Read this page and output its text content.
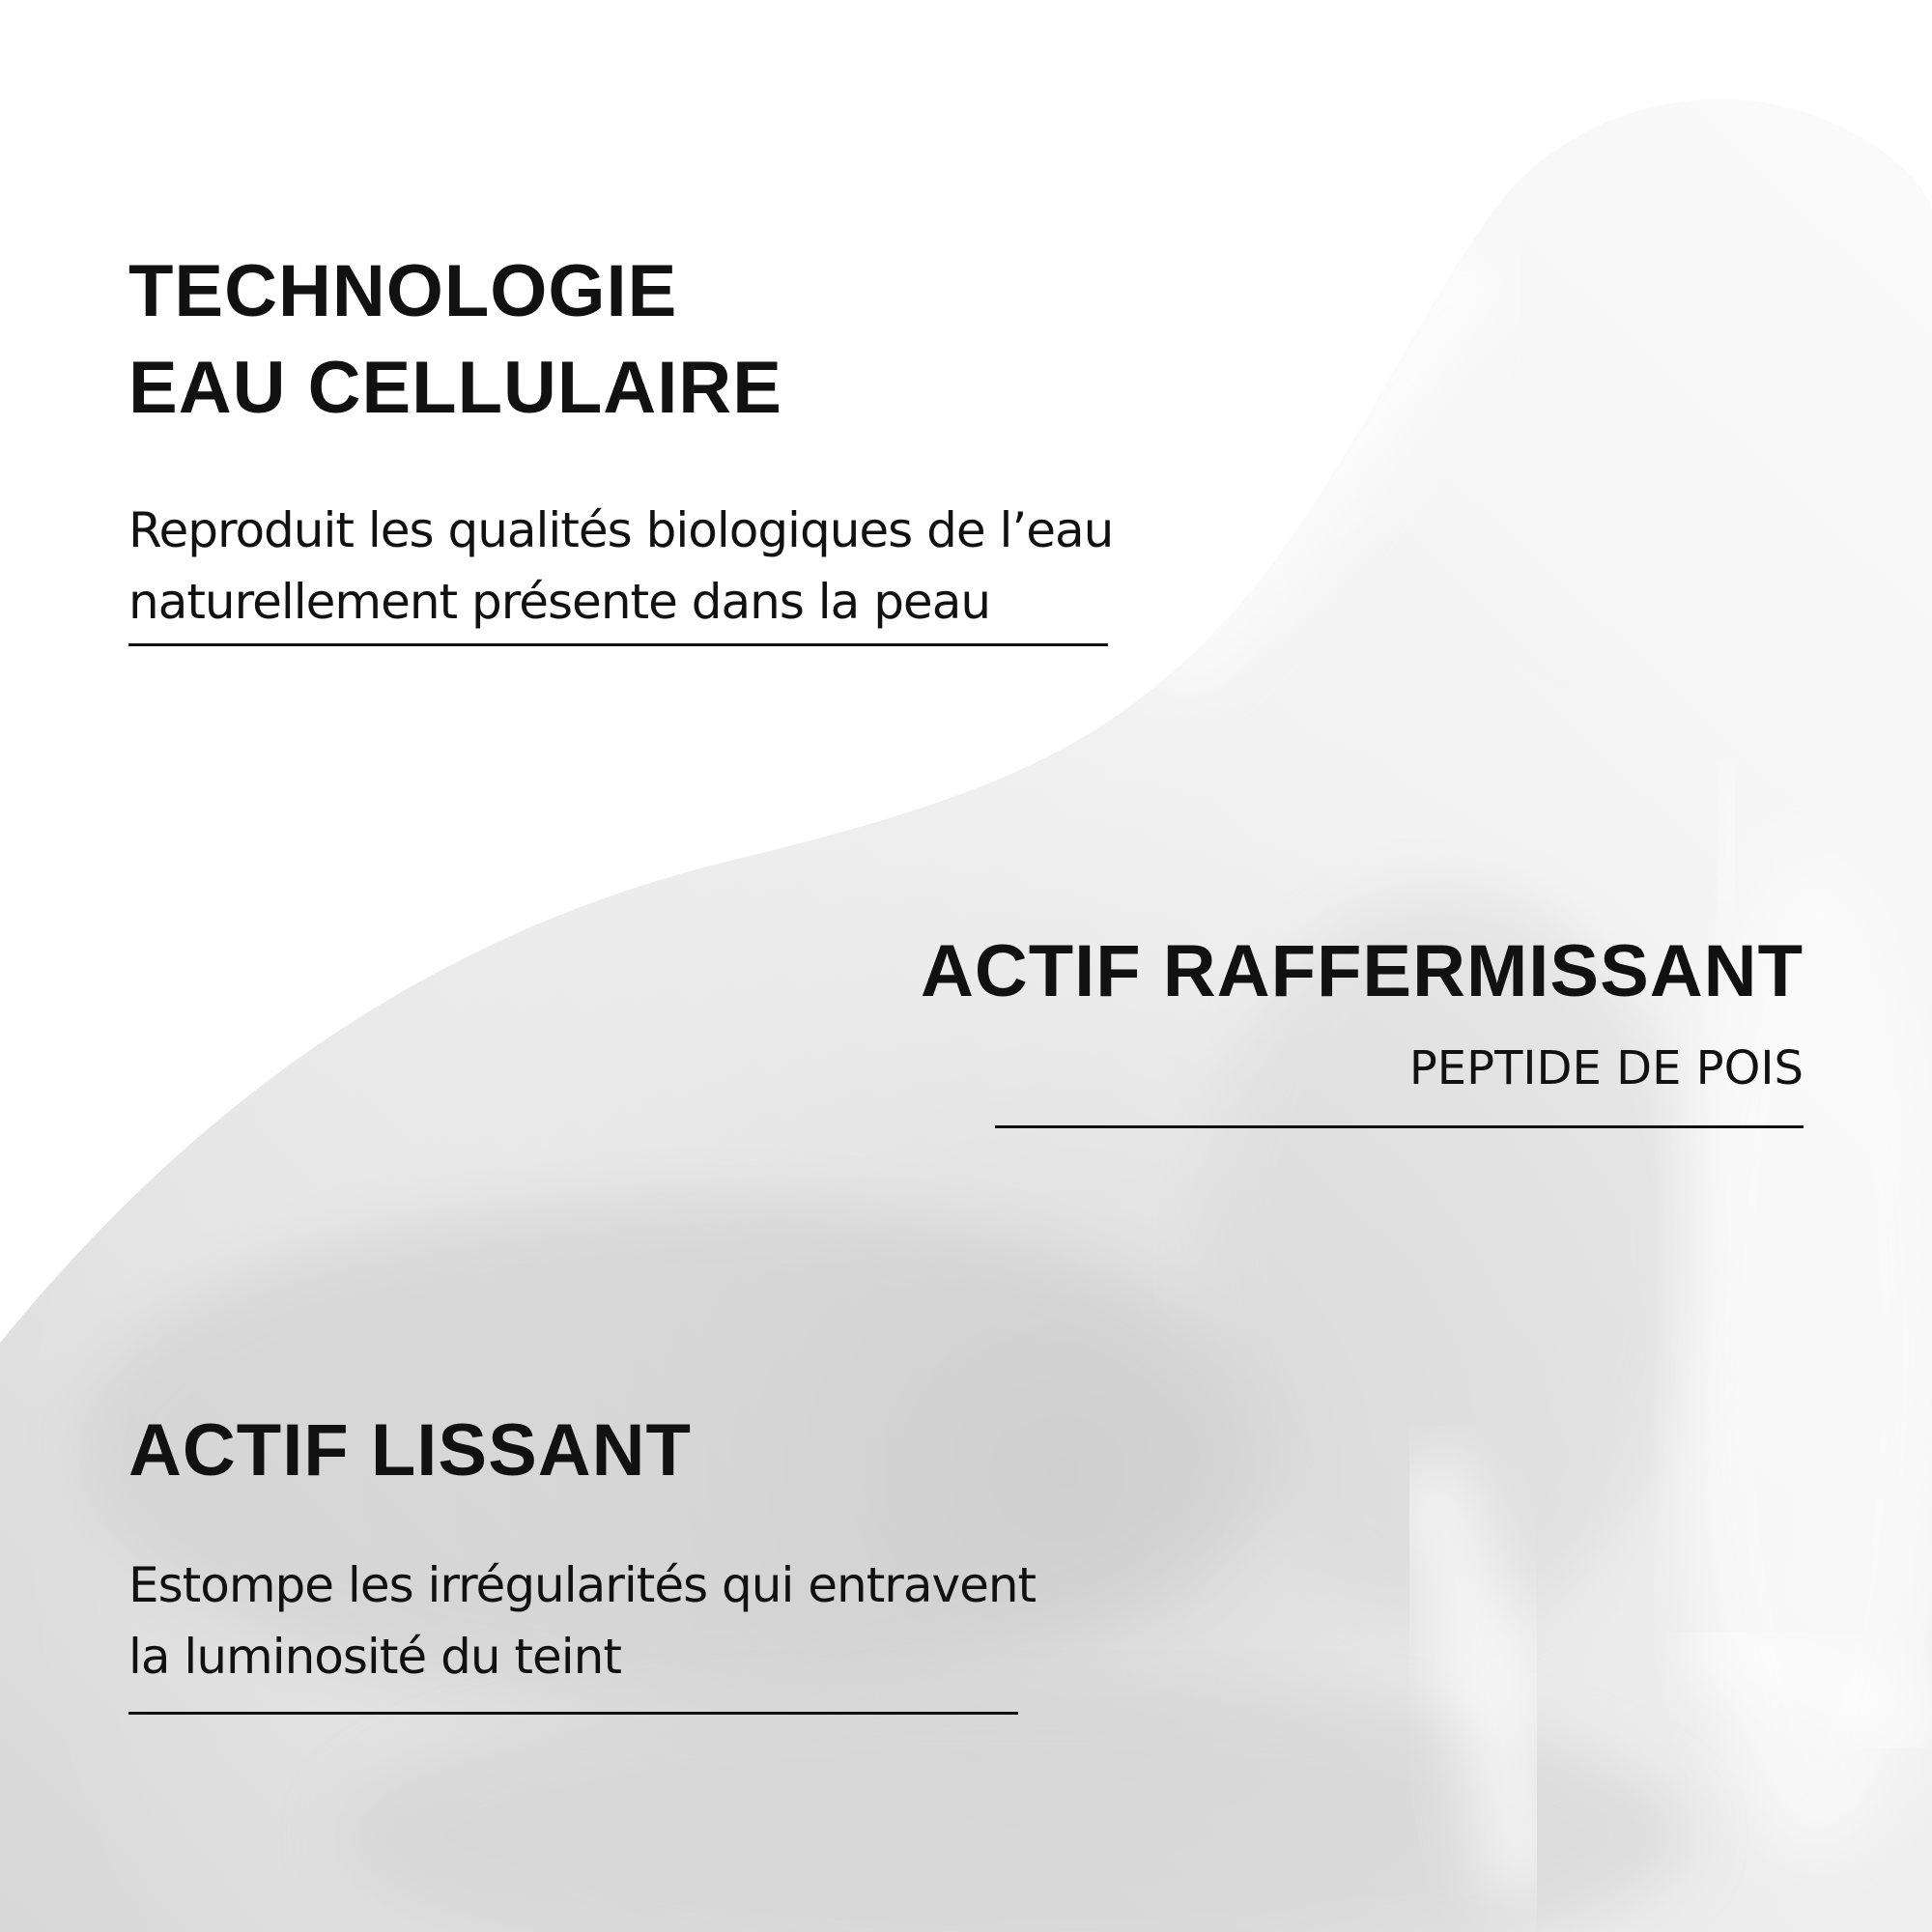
TECHNOLOGIE

EAU CELLULAIRE

Reproduit les qualités biologiques de l’eau

naturellement présente dans la peau

ACTIF RAFFERMISSANT

PEPTIDE DE POIS

ACTIF LISSANT

Estompe les irrégularités qui entravent

la luminosité du teint
